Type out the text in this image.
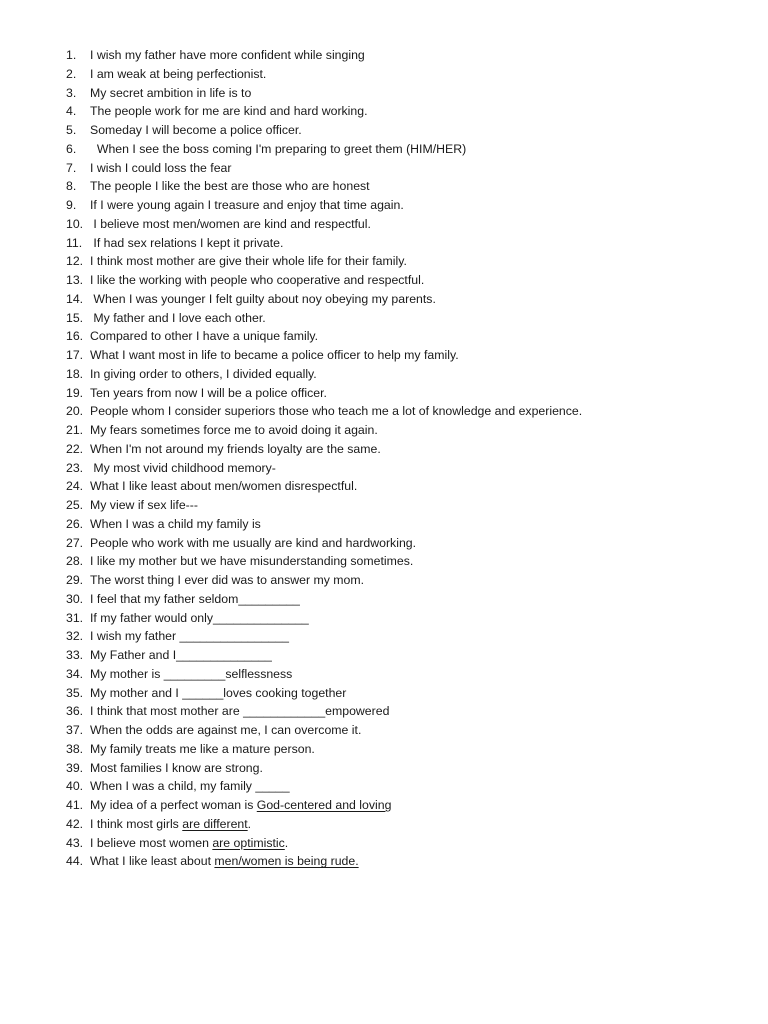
1.	I wish my father have more confident while singing
2.	I am weak at being perfectionist.
3.	My secret ambition in life is to
4.	The people work for me are kind and hard working.
5.	Someday I will become a police officer.
6.	When I see the boss coming I'm preparing to greet them (HIM/HER)
7.	I wish I could loss the fear
8.	The people I like the best are those who are honest
9.	If I were young again I treasure and enjoy that time again.
10. I believe most men/women are kind and respectful.
11. If had sex relations I kept it private.
12. I think most mother are give their whole life for their family.
13. I like the working with people who cooperative and respectful.
14. When I was younger I felt guilty about noy obeying my parents.
15. My father and I love each other.
16. Compared to other I have a unique family.
17. What I want most in life to became a police officer to help my family.
18. In giving order to others, I divided equally.
19. Ten years from now I will be a police officer.
20. People whom I consider superiors those who teach me a lot of knowledge and experience.
21. My fears sometimes force me to avoid doing it again.
22. When I'm not around my friends loyalty are the same.
23. My most vivid childhood memory-
24. What I like least about men/women disrespectful.
25. My view if sex life---
26. When I was a child my family is
27. People who work with me usually are kind and hardworking.
28. I like my mother but we have misunderstanding sometimes.
29. The worst thing I ever did was to answer my mom.
30. I feel that my father seldom_________
31. If my father would only______________
32. I wish my father ________________
33. My Father and I______________
34. My mother is _________selflessness
35. My mother and I ______loves cooking together
36. I think that most mother are ____________empowered
37. When the odds are against me, I can overcome it.
38. My family treats me like a mature person.
39. Most families I know are strong.
40. When I was a child, my family _____
41. My idea of a perfect woman is God-centered and loving
42. I think most girls are different.
43. I believe most women are optimistic.
44. What I like least about men/women is being rude.
